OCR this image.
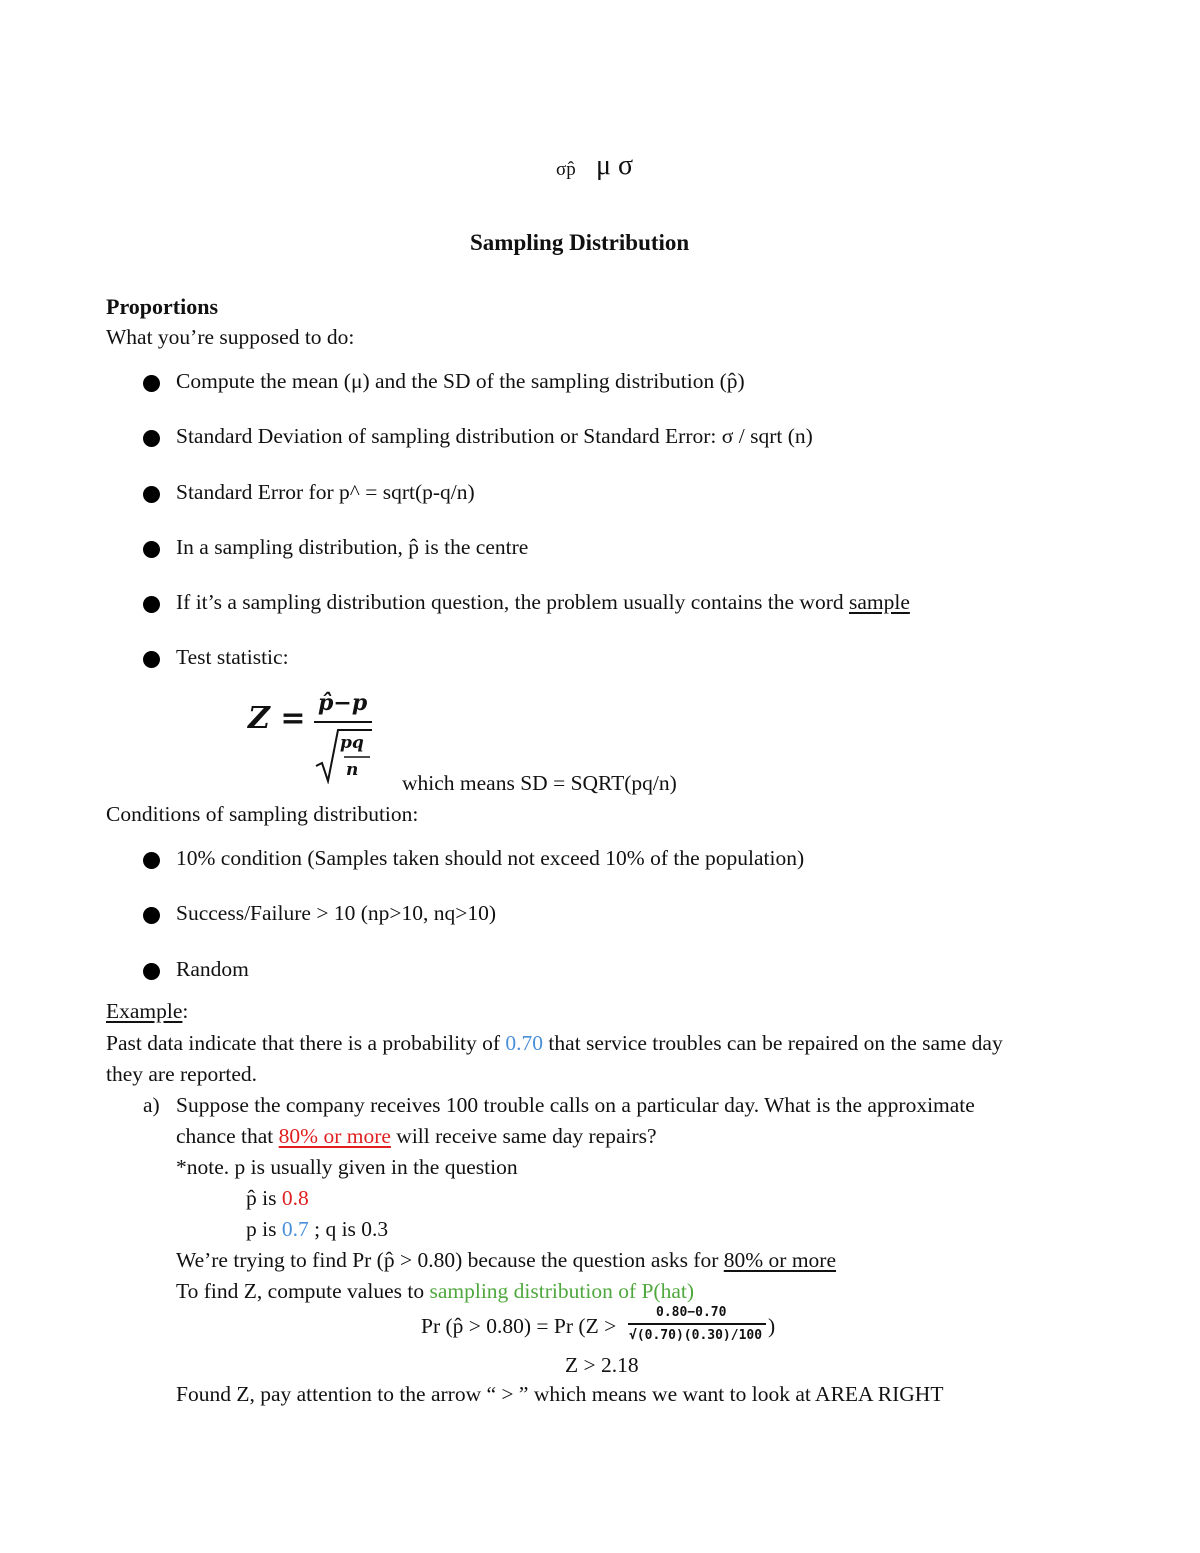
σp̂ μ σ
Sampling Distribution
Proportions
What you’re supposed to do:
Compute the mean (μ) and the SD of the sampling distribution (p̂)
Standard Deviation of sampling distribution or Standard Error: σ / sqrt (n)
Standard Error for p^ = sqrt(p-q/n)
In a sampling distribution, p̂ is the centre
If it’s a sampling distribution question, the problem usually contains the word sample
Test statistic:
Z = p̂−p
pq
n
which means SD = SQRT(pq/n)
Conditions of sampling distribution:
10% condition (Samples taken should not exceed 10% of the population)
Success/Failure > 10 (np>10, nq>10)
Random
Example:
Past data indicate that there is a probability of 0.70 that service troubles can be repaired on the same day
they are reported.
a) Suppose the company receives 100 trouble calls on a particular day. What is the approximate
chance that 80% or more will receive same day repairs?
*note. p is usually given in the question
p̂ is 0.8
p is 0.7 ; q is 0.3
We’re trying to find Pr (p̂ > 0.80) because the question asks for 80% or more
To find Z, compute values to sampling distribution of P(hat)
Pr (p̂ > 0.80) = Pr (Z >
0.80−0.70
√(0.70)(0.30)/100 )
Z > 2.18
Found Z, pay attention to the arrow “ > ” which means we want to look at AREA RIGHT
